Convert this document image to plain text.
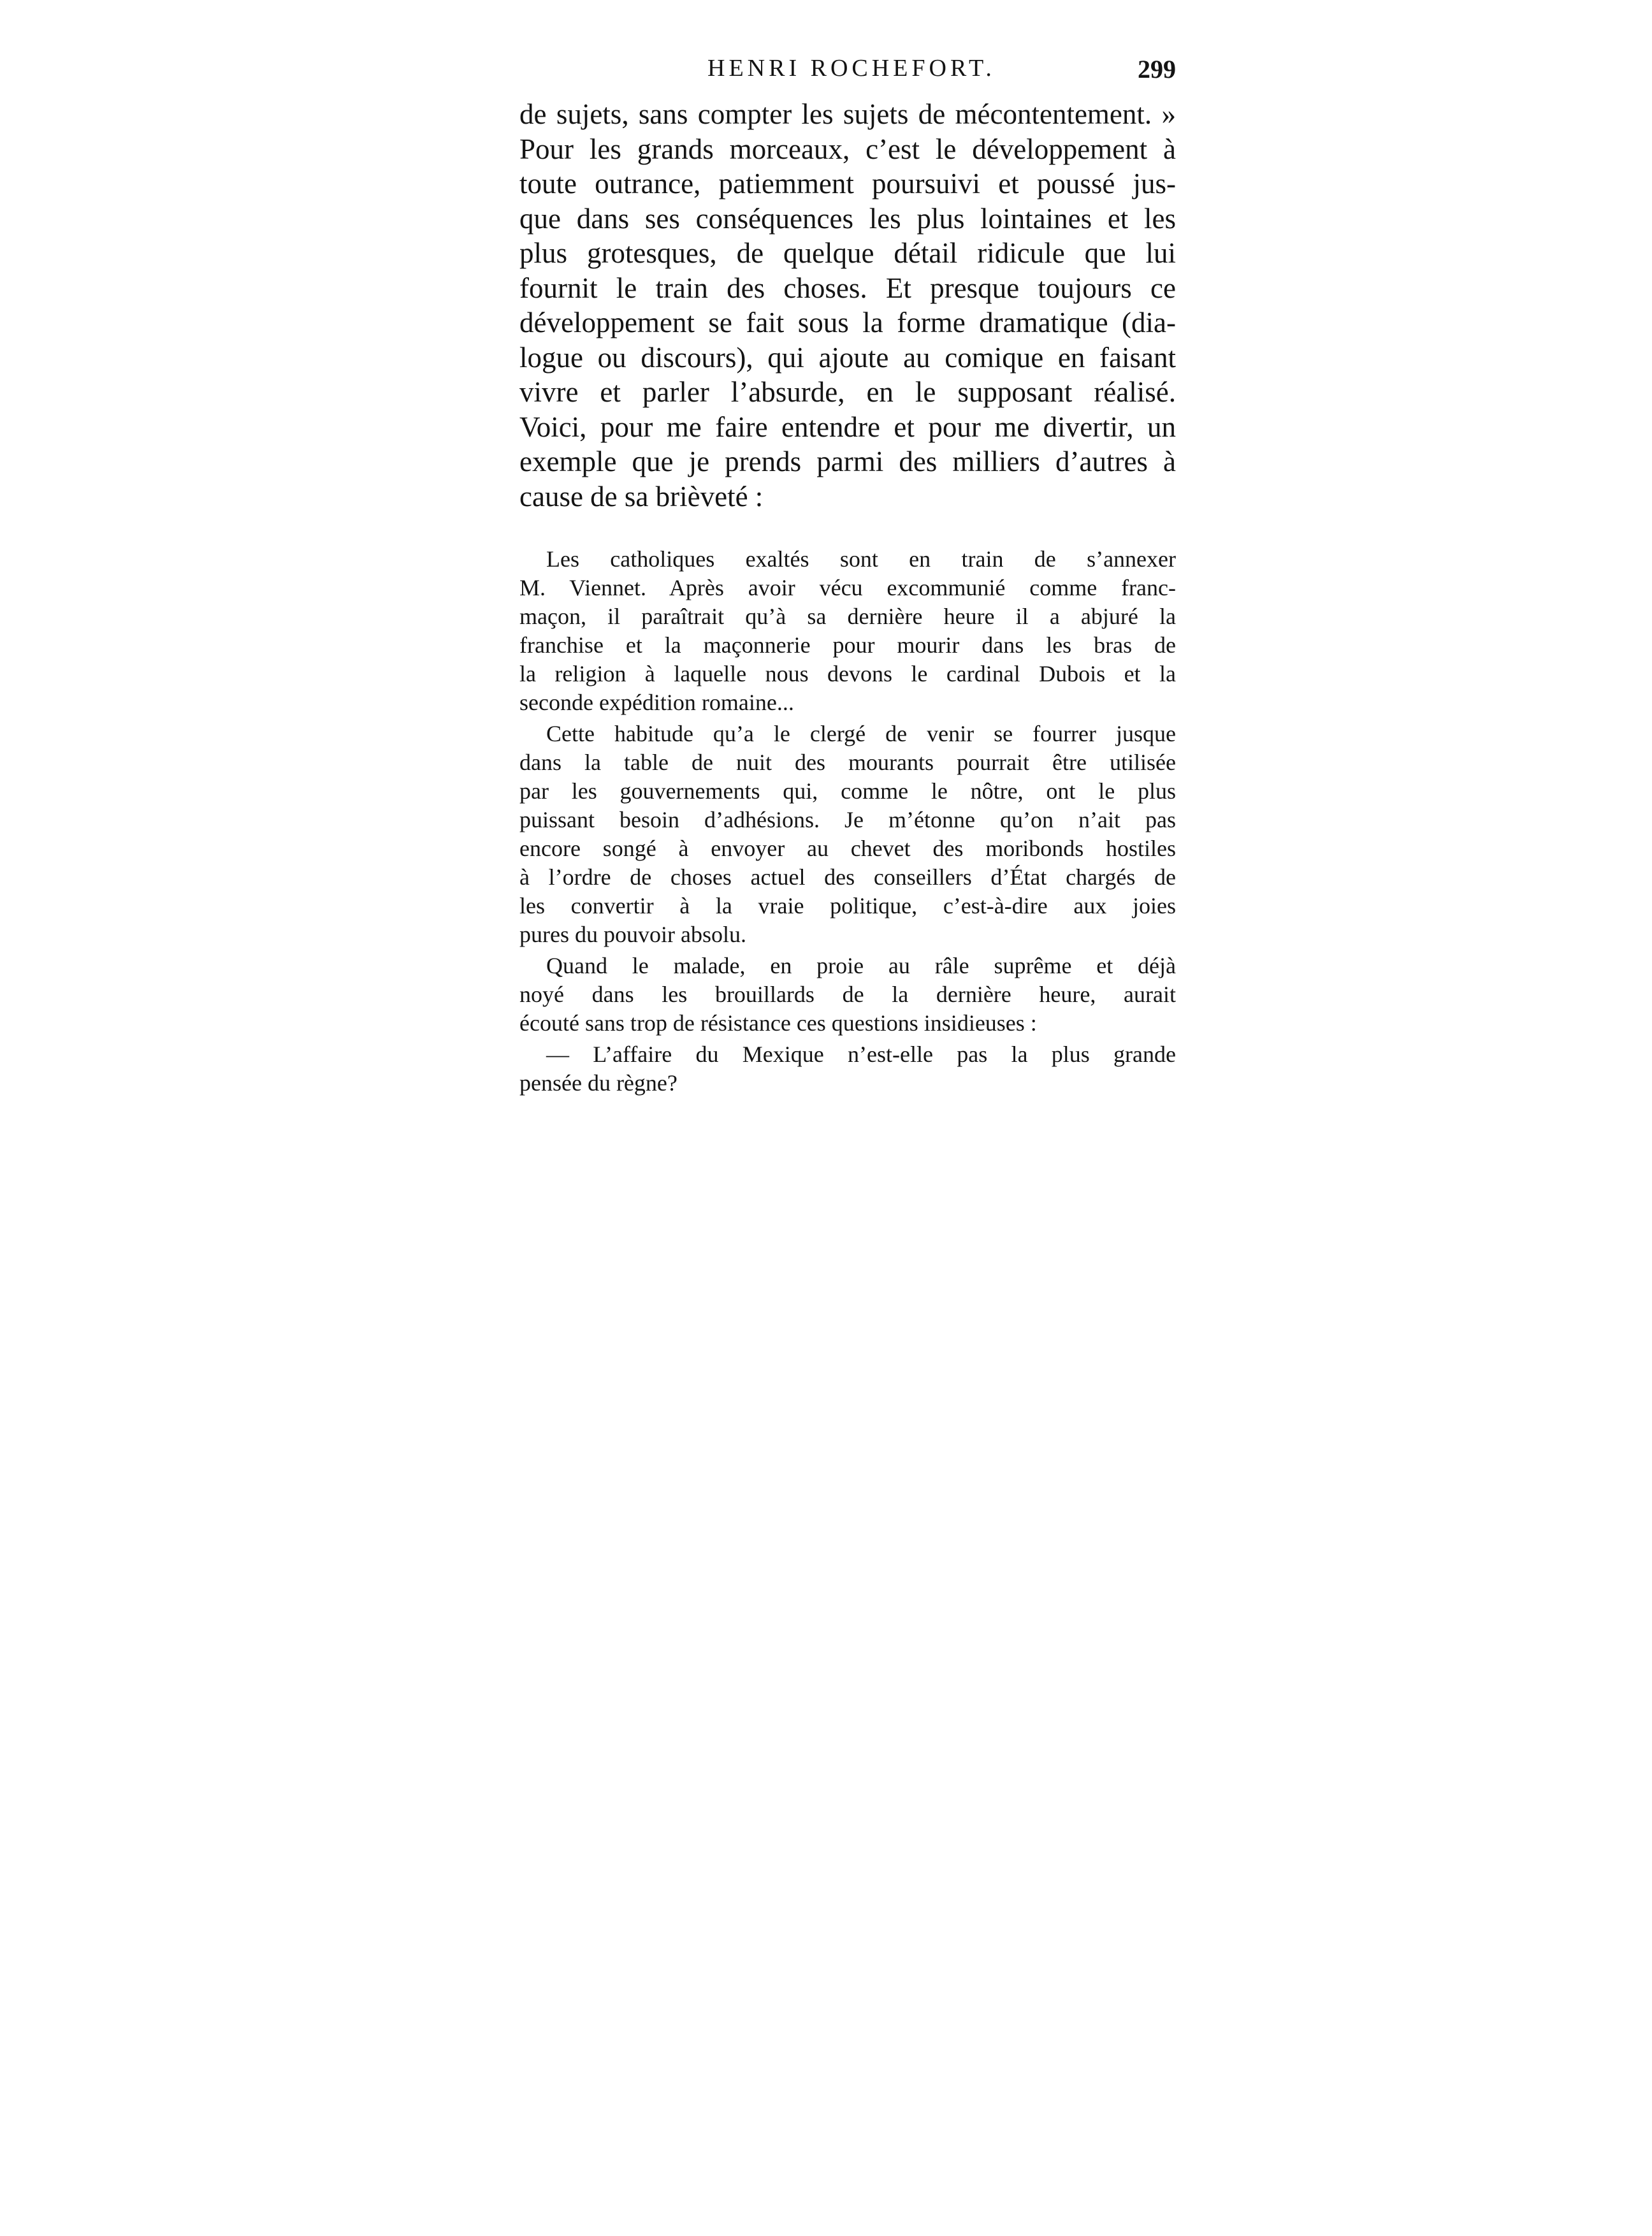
HENRI ROCHEFORT.	299
de sujets, sans compter les sujets de mécontentement. »
Pour les grands morceaux, c’est le développement à
toute outrance, patiemment poursuivi et poussé jus-
que dans ses conséquences les plus lointaines et les
plus grotesques, de quelque détail ridicule que lui
fournit le train des choses. Et presque toujours ce
développement se fait sous la forme dramatique (dia-
logue ou discours), qui ajoute au comique en faisant
vivre et parler l’absurde, en le supposant réalisé.
Voici, pour me faire entendre et pour me divertir, un
exemple que je prends parmi des milliers d’autres à
cause de sa brièveté :
Les catholiques exaltés sont en train de s’annexer
M. Viennet. Après avoir vécu excommunié comme franc-
maçon, il paraîtrait qu’à sa dernière heure il a abjuré la
franchise et la maçonnerie pour mourir dans les bras de
la religion à laquelle nous devons le cardinal Dubois et la
seconde expédition romaine...
Cette habitude qu’a le clergé de venir se fourrer jusque
dans la table de nuit des mourants pourrait être utilisée
par les gouvernements qui, comme le nôtre, ont le plus
puissant besoin d’adhésions. Je m’étonne qu’on n’ait pas
encore songé à envoyer au chevet des moribonds hostiles
à l’ordre de choses actuel des conseillers d’État chargés de
les convertir à la vraie politique, c’est-à-dire aux joies
pures du pouvoir absolu.
Quand le malade, en proie au râle suprême et déjà
noyé dans les brouillards de la dernière heure, aurait
écouté sans trop de résistance ces questions insidieuses :
— L’affaire du Mexique n’est-elle pas la plus grande
pensée du règne?
